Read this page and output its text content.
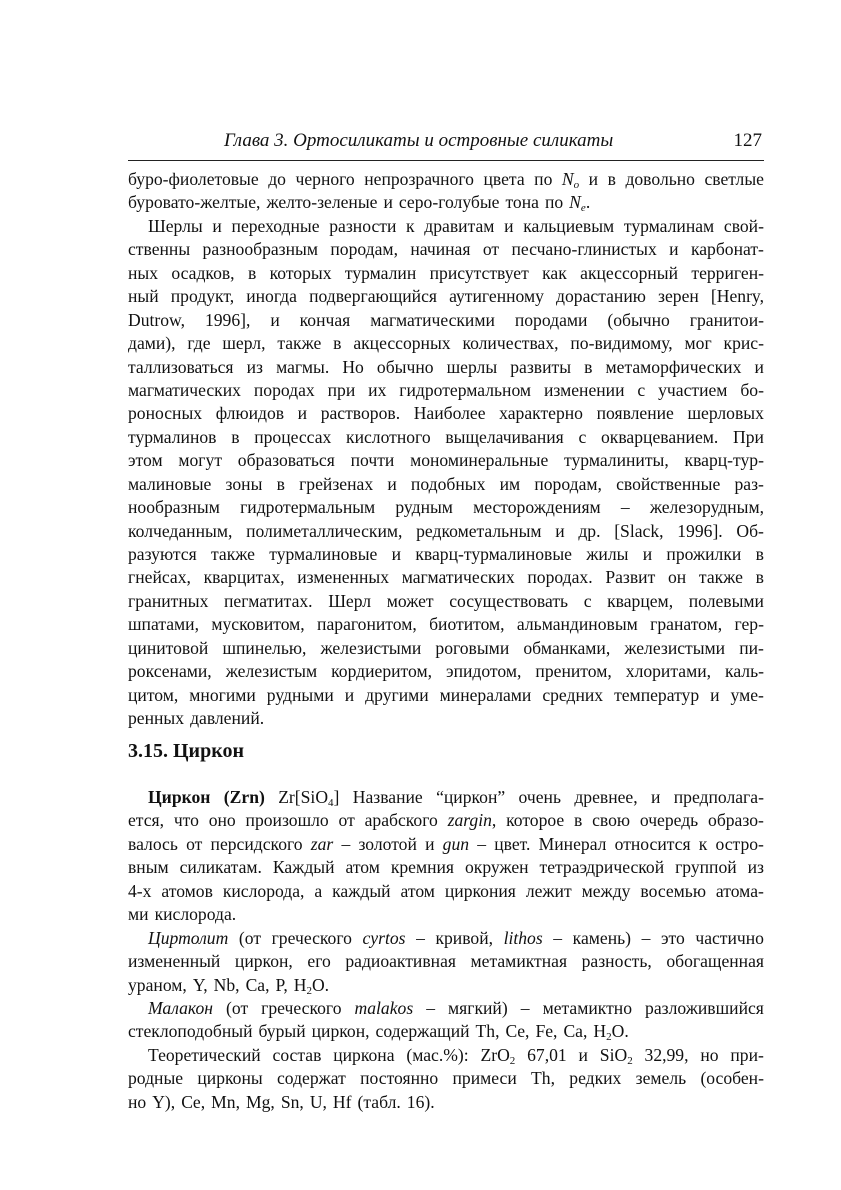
Глава 3. Ортосиликаты и островные силикаты	127
буро-фиолетовые до черного непрозрачного цвета по $N_o$ и в довольно светлые
буровато-желтые, желто-зеленые и серо-голубые тона по $N_e$.
Шерлы и переходные разности к дравитам и кальциевым турмалинам свой-
ственны разнообразным породам, начиная от песчано-глинистых и карбонат-
ных осадков, в которых турмалин присутствует как акцессорный терриген-
ный продукт, иногда подвергающийся аутигенному дорастанию зерен [Henry,
Dutrow, 1996], и кончая магматическими породами (обычно гранитои-
дами), где шерл, также в акцессорных количествах, по-видимому, мог крис-
таллизоваться из магмы. Но обычно шерлы развиты в метаморфических и
магматических породах при их гидротермальном изменении с участием бо-
роносных флюидов и растворов. Наиболее характерно появление шерловых
турмалинов в процессах кислотного выщелачивания с окварцеванием. При
этом могут образоваться почти мономинеральные турмалиниты, кварц-тур-
малиновые зоны в грейзенах и подобных им породам, свойственные раз-
нообразным гидротермальным рудным месторождениям – железорудным,
колчеданным, полиметаллическим, редкометальным и др. [Slack, 1996]. Об-
разуются также турмалиновые и кварц-турмалиновые жилы и прожилки в
гнейсах, кварцитах, измененных магматических породах. Развит он также в
гранитных пегматитах. Шерл может сосуществовать с кварцем, полевыми
шпатами, мусковитом, парагонитом, биотитом, альмандиновым гранатом, гер-
цинитовой шпинелью, железистыми роговыми обманками, железистыми пи-
роксенами, железистым кордиеритом, эпидотом, пренитом, хлоритами, каль-
цитом, многими рудными и другими минералами средних температур и уме-
ренных давлений.
3.15. Циркон
Циркон (Zrn) Zr[SiO$_4$] Название “циркон” очень древнее, и предполага-
ется, что оно произошло от арабского zargin, которое в свою очередь образо-
валось от персидского zar – золотой и gun – цвет. Минерал относится к остро-
вным силикатам. Каждый атом кремния окружен тетраэдрической группой из
4-х атомов кислорода, а каждый атом циркония лежит между восемью атома-
ми кислорода.
Циртолит (от греческого cyrtos – кривой, lithos – камень) – это частично
измененный циркон, его радиоактивная метамиктная разность, обогащенная
ураном, Y, Nb, Ca, P, $H_2O$.
Малакон (от греческого malakos – мягкий) – метамиктно разложившийся
стеклоподобный бурый циркон, содержащий Th, Ce, Fe, Ca, $H_2O$.
Теоретический состав циркона (мас.%): ZrO$_2$ 67,01 и SiO$_2$ 32,99, но при-
родные цирконы содержат постоянно примеси Th, редких земель (особен-
но Y), Ce, Mn, Mg, Sn, U, Hf (табл. 16).
